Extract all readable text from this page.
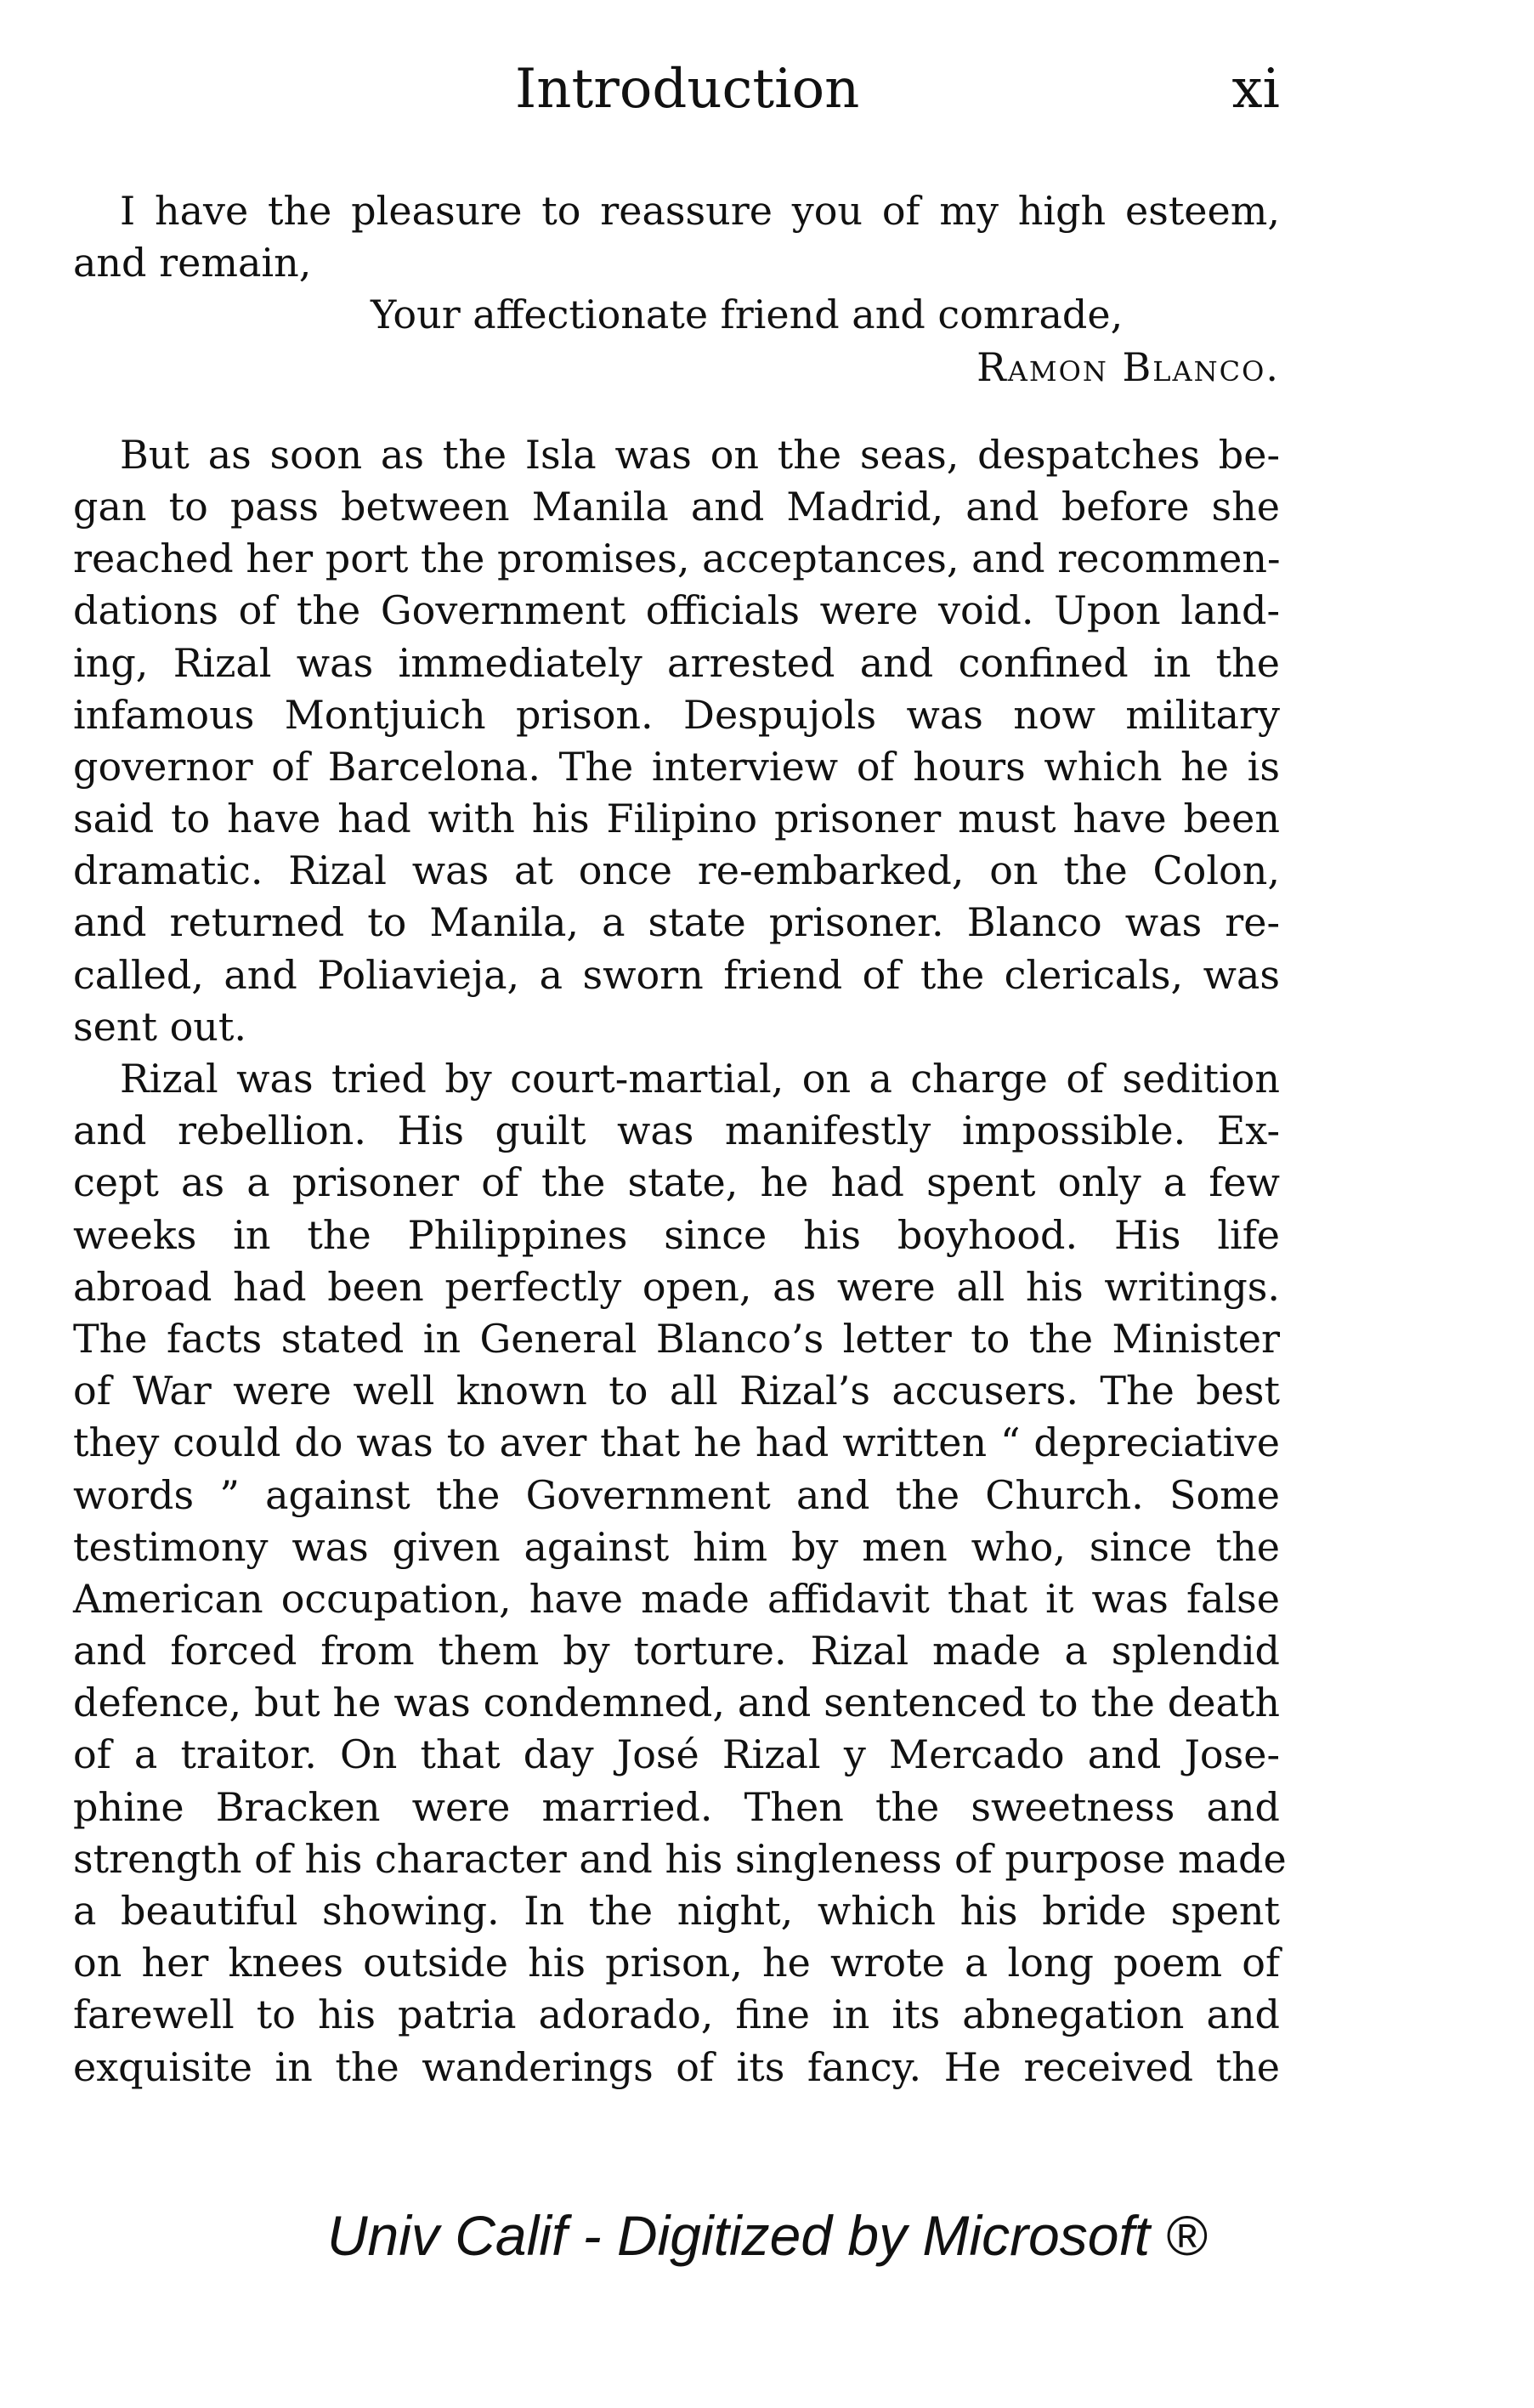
Introduction	xi
I have the pleasure to reassure you of my high esteem,
and remain,
Your affectionate friend and comrade,
Ramon Blanco.
But as soon as the Isla was on the seas, despatches be-
gan to pass between Manila and Madrid, and before she
reached her port the promises, acceptances, and recommen-
dations of the Government officials were void. Upon land-
ing, Rizal was immediately arrested and confined in the
infamous Montjuich prison. Despujols was now military
governor of Barcelona. The interview of hours which he is
said to have had with his Filipino prisoner must have been
dramatic. Rizal was at once re-embarked, on the Colon,
and returned to Manila, a state prisoner. Blanco was re-
called, and Poliavieja, a sworn friend of the clericals, was
sent out.
Rizal was tried by court-martial, on a charge of sedition
and rebellion. His guilt was manifestly impossible. Ex-
cept as a prisoner of the state, he had spent only a few
weeks in the Philippines since his boyhood. His life
abroad had been perfectly open, as were all his writings.
The facts stated in General Blanco’s letter to the Minister
of War were well known to all Rizal’s accusers. The best
they could do was to aver that he had written “ depreciative
words ” against the Government and the Church. Some
testimony was given against him by men who, since the
American occupation, have made affidavit that it was false
and forced from them by torture. Rizal made a splendid
defence, but he was condemned, and sentenced to the death
of a traitor. On that day José Rizal y Mercado and Jose-
phine Bracken were married. Then the sweetness and
strength of his character and his singleness of purpose made
a beautiful showing. In the night, which his bride spent
on her knees outside his prison, he wrote a long poem of
farewell to his patria adorado, fine in its abnegation and
exquisite in the wanderings of its fancy. He received the
Univ Calif - Digitized by Microsoft ®
